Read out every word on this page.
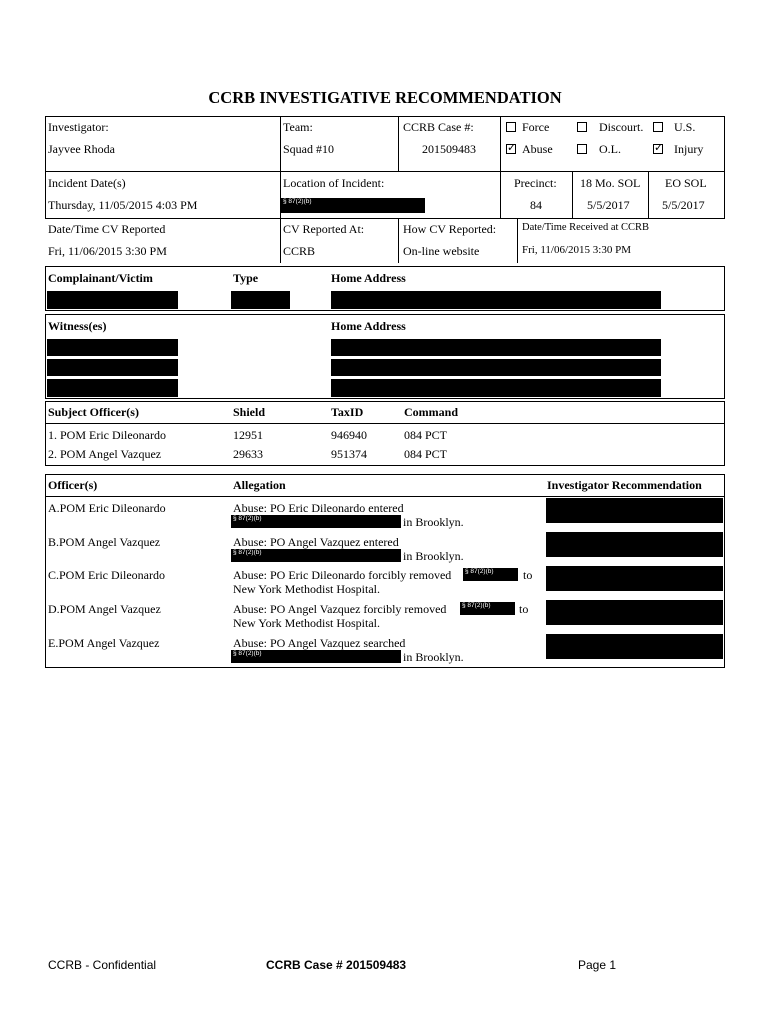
CCRB INVESTIGATIVE RECOMMENDATION
Investigator:
Jayvee Rhoda
Team:
Squad #10
CCRB Case #:
201509483
Force	Discourt.	U.S.
✓
Abuse	O.L.
✓	Injury
Incident Date(s)
Thursday, 11/05/2015 4:03 PM
Location of Incident:
§ 87(2)(b)
Precinct:
84
18 Mo. SOL
5/5/2017
EO SOL
5/5/2017
Date/Time CV Reported
Fri, 11/06/2015 3:30 PM
CV Reported At:
CCRB
How CV Reported:
On-line website
Date/Time Received at CCRB
Fri, 11/06/2015 3:30 PM
Complainant/Victim	Type	Home Address
Witness(es)	Home Address
Subject Officer(s)	Shield	TaxID	Command
1. POM Eric Dileonardo	12951	946940	084 PCT
2. POM Angel Vazquez	29633	951374	084 PCT
Officer(s)	Allegation	Investigator Recommendation
A.POM Eric Dileonardo	Abuse: PO Eric Dileonardo entered
§ 87(2)(b)	in Brooklyn.
B.POM Angel Vazquez	Abuse: PO Angel Vazquez entered
§ 87(2)(b)	in Brooklyn.
C.POM Eric Dileonardo	Abuse: PO Eric Dileonardo forcibly removed § 87(2)(b) to
New York Methodist Hospital.
D.POM Angel Vazquez	Abuse: PO Angel Vazquez forcibly removed § 87(2)(b) to
New York Methodist Hospital.
E.POM Angel Vazquez	Abuse: PO Angel Vazquez searched
§ 87(2)(b)	in Brooklyn.
CCRB - Confidential	CCRB Case # 201509483	Page 1
